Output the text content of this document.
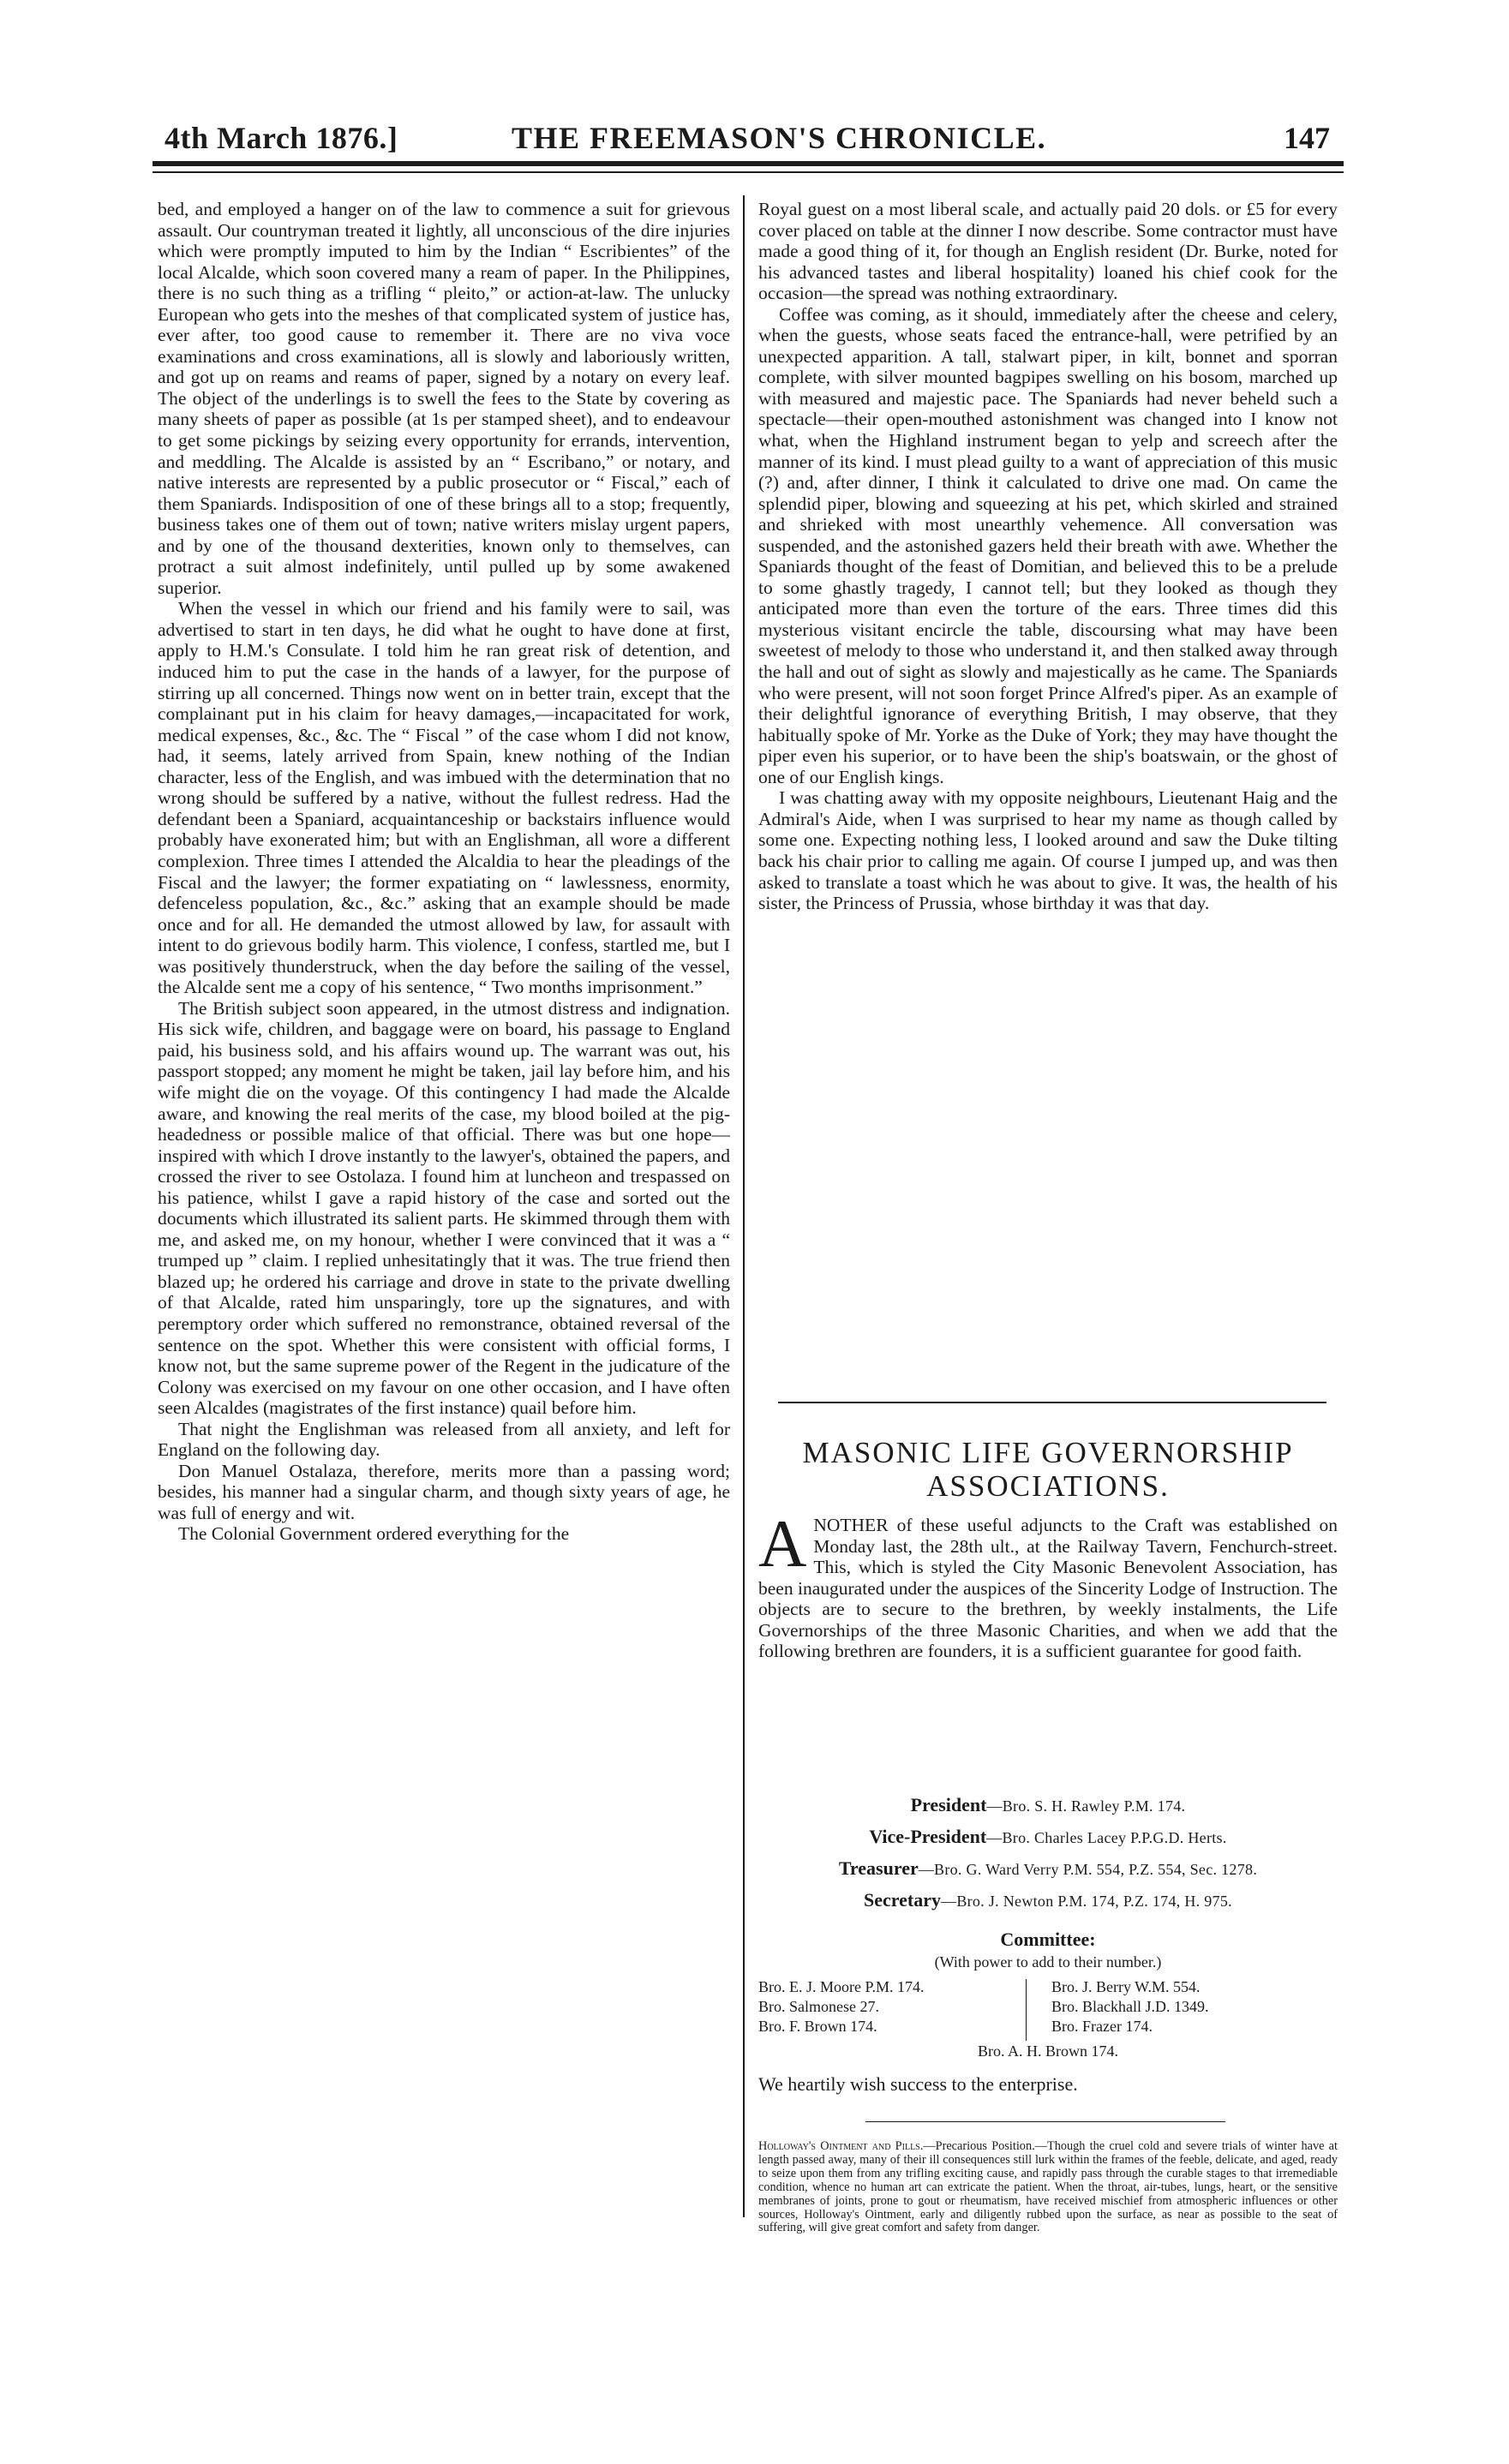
4th March 1876.]	THE FREEMASON'S CHRONICLE.	147

bed, and employed a hanger on of the law to commence a suit for grievous assault. Our countryman treated it lightly, all unconscious of the dire injuries which were promptly imputed to him by the Indian “ Escribientes” of the local Alcalde, which soon covered many a ream of paper. In the Philippines, there is no such thing as a trifling “ pleito,” or action-at-law. The unlucky European who gets into the meshes of that complicated system of justice has, ever after, too good cause to remember it. There are no viva voce examinations and cross examinations, all is slowly and laboriously written, and got up on reams and reams of paper, signed by a notary on every leaf. The object of the underlings is to swell the fees to the State by covering as many sheets of paper as possible (at 1s per stamped sheet), and to endeavour to get some pickings by seizing every opportunity for errands, intervention, and meddling. The Alcalde is assisted by an “ Escribano,” or notary, and native interests are represented by a public prosecutor or “ Fiscal,” each of them Spaniards. Indisposition of one of these brings all to a stop; frequently, business takes one of them out of town; native writers mislay urgent papers, and by one of the thousand dexterities, known only to themselves, can protract a suit almost indefinitely, until pulled up by some awakened superior.

When the vessel in which our friend and his family were to sail, was advertised to start in ten days, he did what he ought to have done at first, apply to H.M.'s Consulate. I told him he ran great risk of detention, and induced him to put the case in the hands of a lawyer, for the purpose of stirring up all concerned. Things now went on in better train, except that the complainant put in his claim for heavy damages,—incapacitated for work, medical expenses, &c., &c. The “ Fiscal ” of the case whom I did not know, had, it seems, lately arrived from Spain, knew nothing of the Indian character, less of the English, and was imbued with the determination that no wrong should be suffered by a native, without the fullest redress. Had the defendant been a Spaniard, acquaintanceship or backstairs influence would probably have exonerated him; but with an Englishman, all wore a different complexion. Three times I attended the Alcaldia to hear the pleadings of the Fiscal and the lawyer; the former expatiating on “ lawlessness, enormity, defenceless population, &c., &c.” asking that an example should be made once and for all. He demanded the utmost allowed by law, for assault with intent to do grievous bodily harm. This violence, I confess, startled me, but I was positively thunderstruck, when the day before the sailing of the vessel, the Alcalde sent me a copy of his sentence, “ Two months imprisonment.”

The British subject soon appeared, in the utmost distress and indignation. His sick wife, children, and baggage were on board, his passage to England paid, his business sold, and his affairs wound up. The warrant was out, his passport stopped; any moment he might be taken, jail lay before him, and his wife might die on the voyage. Of this contingency I had made the Alcalde aware, and knowing the real merits of the case, my blood boiled at the pig-headedness or possible malice of that official. There was but one hope—inspired with which I drove instantly to the lawyer's, obtained the papers, and crossed the river to see Ostolaza. I found him at luncheon and trespassed on his patience, whilst I gave a rapid history of the case and sorted out the documents which illustrated its salient parts. He skimmed through them with me, and asked me, on my honour, whether I were convinced that it was a “ trumped up ” claim. I replied unhesitatingly that it was. The true friend then blazed up; he ordered his carriage and drove in state to the private dwelling of that Alcalde, rated him unsparingly, tore up the signatures, and with peremptory order which suffered no remonstrance, obtained reversal of the sentence on the spot. Whether this were consistent with official forms, I know not, but the same supreme power of the Regent in the judicature of the Colony was exercised on my favour on one other occasion, and I have often seen Alcaldes (magistrates of the first instance) quail before him.

That night the Englishman was released from all anxiety, and left for England on the following day.

Don Manuel Ostalaza, therefore, merits more than a passing word; besides, his manner had a singular charm, and though sixty years of age, he was full of energy and wit.

The Colonial Government ordered everything for the

Royal guest on a most liberal scale, and actually paid 20 dols. or £5 for every cover placed on table at the dinner I now describe. Some contractor must have made a good thing of it, for though an English resident (Dr. Burke, noted for his advanced tastes and liberal hospitality) loaned his chief cook for the occasion—the spread was nothing extraordinary.

Coffee was coming, as it should, immediately after the cheese and celery, when the guests, whose seats faced the entrance-hall, were petrified by an unexpected apparition. A tall, stalwart piper, in kilt, bonnet and sporran complete, with silver mounted bagpipes swelling on his bosom, marched up with measured and majestic pace. The Spaniards had never beheld such a spectacle—their open-mouthed astonishment was changed into I know not what, when the Highland instrument began to yelp and screech after the manner of its kind. I must plead guilty to a want of appreciation of this music (?) and, after dinner, I think it calculated to drive one mad. On came the splendid piper, blowing and squeezing at his pet, which skirled and strained and shrieked with most unearthly vehemence. All conversation was suspended, and the astonished gazers held their breath with awe. Whether the Spaniards thought of the feast of Domitian, and believed this to be a prelude to some ghastly tragedy, I cannot tell; but they looked as though they anticipated more than even the torture of the ears. Three times did this mysterious visitant encircle the table, discoursing what may have been sweetest of melody to those who understand it, and then stalked away through the hall and out of sight as slowly and majestically as he came. The Spaniards who were present, will not soon forget Prince Alfred's piper. As an example of their delightful ignorance of everything British, I may observe, that they habitually spoke of Mr. Yorke as the Duke of York; they may have thought the piper even his superior, or to have been the ship's boatswain, or the ghost of one of our English kings.

I was chatting away with my opposite neighbours, Lieutenant Haig and the Admiral's Aide, when I was surprised to hear my name as though called by some one. Expecting nothing less, I looked around and saw the Duke tilting back his chair prior to calling me again. Of course I jumped up, and was then asked to translate a toast which he was about to give. It was, the health of his sister, the Princess of Prussia, whose birthday it was that day.

MASONIC LIFE GOVERNORSHIP ASSOCIATIONS.
ANOTHER of these useful adjuncts to the Craft was established on Monday last, the 28th ult., at the Railway Tavern, Fenchurch-street. This, which is styled the City Masonic Benevolent Association, has been inaugurated under the auspices of the Sincerity Lodge of Instruction. The objects are to secure to the brethren, by weekly instalments, the Life Governorships of the three Masonic Charities, and when we add that the following brethren are founders, it is a sufficient guarantee for good faith.
President—Bro. S. H. Rawley P.M. 174.
Vice-President—Bro. Charles Lacey P.P.G.D. Herts.
Treasurer—Bro. G. Ward Verry P.M. 554, P.Z. 554, Sec. 1278.
Secretary—Bro. J. Newton P.M. 174, P.Z. 174, H. 975.
Committee:
(With power to add to their number.)
Bro. E. J. Moore P.M. 174.
Bro. Salmonese 27.
Bro. F. Brown 174.
Bro. J. Berry W.M. 554.
Bro. Blackhall J.D. 1349.
Bro. Frazer 174.
Bro. A. H. Brown 174.
We heartily wish success to the enterprise.
Holloway's Ointment and Pills.—Precarious Position.—Though the cruel cold and severe trials of winter have at length passed away, many of their ill consequences still lurk within the frames of the feeble, delicate, and aged, ready to seize upon them from any trifling exciting cause, and rapidly pass through the curable stages to that irremediable condition, whence no human art can extricate the patient. When the throat, air-tubes, lungs, heart, or the sensitive membranes of joints, prone to gout or rheumatism, have received mischief from atmospheric influences or other sources, Holloway's Ointment, early and diligently rubbed upon the surface, as near as possible to the seat of suffering, will give great comfort and safety from danger.
